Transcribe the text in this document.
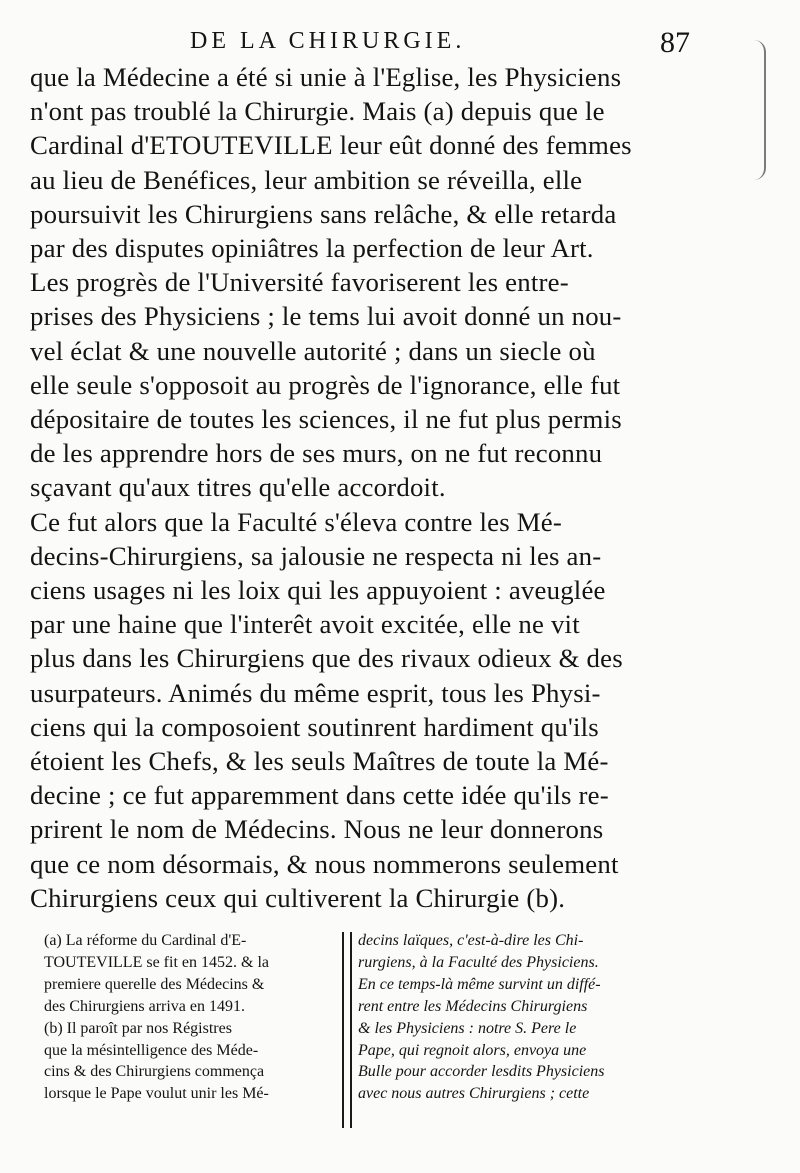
DE LA CHIRURGIE.	87
que la Médecine a été si unie à l'Eglise, les Physiciens
n'ont pas troublé la Chirurgie. Mais (a) depuis que le
Cardinal d'ETOUTEVILLE leur eût donné des femmes
au lieu de Benéfices, leur ambition se réveilla, elle
poursuivit les Chirurgiens sans relâche, & elle retarda
par des disputes opiniâtres la perfection de leur Art.
Les progrès de l'Université favoriserent les entre-
prises des Physiciens ; le tems lui avoit donné un nou-
vel éclat & une nouvelle autorité ; dans un siecle où
elle seule s'opposoit au progrès de l'ignorance, elle fut
dépositaire de toutes les sciences, il ne fut plus permis
de les apprendre hors de ses murs, on ne fut reconnu
sçavant qu'aux titres qu'elle accordoit.
Ce fut alors que la Faculté s'éleva contre les Mé-
decins-Chirurgiens, sa jalousie ne respecta ni les an-
ciens usages ni les loix qui les appuyoient : aveuglée
par une haine que l'interêt avoit excitée, elle ne vit
plus dans les Chirurgiens que des rivaux odieux & des
usurpateurs. Animés du même esprit, tous les Physi-
ciens qui la composoient soutinrent hardiment qu'ils
étoient les Chefs, & les seuls Maîtres de toute la Mé-
decine ; ce fut apparemment dans cette idée qu'ils re-
prirent le nom de Médecins. Nous ne leur donnerons
que ce nom désormais, & nous nommerons seulement
Chirurgiens ceux qui cultiverent la Chirurgie (b).
(a) La réforme du Cardinal d'E-
TOUTEVILLE se fit en 1452. & la
premiere querelle des Médecins &
des Chirurgiens arriva en 1491.
(b) Il paroît par nos Régistres
que la mésintelligence des Méde-
cins & des Chirurgiens commença
lorsque le Pape voulut unir les Mé-
decins laïques, c'est-à-dire les Chi-
rurgiens, à la Faculté des Physiciens.
En ce temps-là même survint un diffé-
rent entre les Médecins Chirurgiens
& les Physiciens : notre S. Pere le
Pape, qui regnoit alors, envoya une
Bulle pour accorder lesdits Physiciens
avec nous autres Chirurgiens ; cette
